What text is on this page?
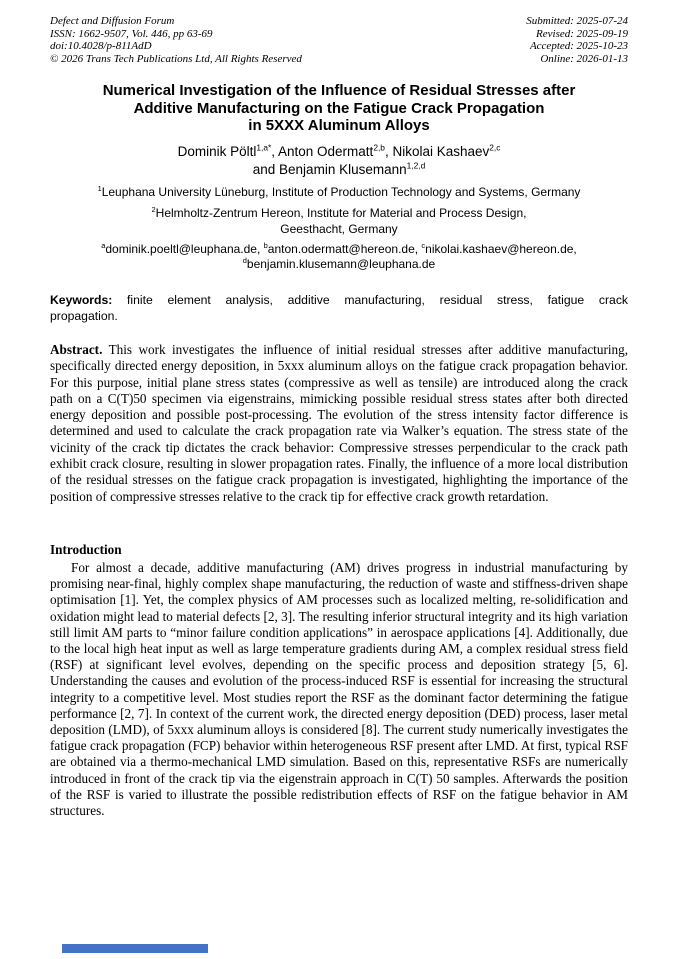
Defect and Diffusion Forum
ISSN: 1662-9507, Vol. 446, pp 63-69
doi:10.4028/p-811AdD
© 2026 Trans Tech Publications Ltd, All Rights Reserved
Submitted: 2025-07-24
Revised: 2025-09-19
Accepted: 2025-10-23
Online: 2026-01-13
Numerical Investigation of the Influence of Residual Stresses after
Additive Manufacturing on the Fatigue Crack Propagation
in 5XXX Aluminum Alloys
Dominik Pöltl$^{1,a*}$, Anton Odermatt$^{2,b}$, Nikolai Kashaev$^{2,c}$
and Benjamin Klusemann$^{1,2,d}$
$^1$Leuphana University Lüneburg, Institute of Production Technology and Systems, Germany
$^2$Helmholtz-Zentrum Hereon, Institute for Material and Process Design,
Geesthacht, Germany
$^a$dominik.poeltl@leuphana.de, $^b$anton.odermatt@hereon.de, $^c$nikolai.kashaev@hereon.de,
$^d$benjamin.klusemann@leuphana.de
Keywords: finite element analysis, additive manufacturing, residual stress, fatigue crack
propagation.
Abstract. This work investigates the influence of initial residual stresses after additive manufacturing, specifically directed energy deposition, in 5xxx aluminum alloys on the fatigue crack propagation behavior. For this purpose, initial plane stress states (compressive as well as tensile) are introduced along the crack path on a C(T)50 specimen via eigenstrains, mimicking possible residual stress states after both directed energy deposition and possible post-processing. The evolution of the stress intensity factor difference is determined and used to calculate the crack propagation rate via Walker’s equation. The stress state of the vicinity of the crack tip dictates the crack behavior: Compressive stresses perpendicular to the crack path exhibit crack closure, resulting in slower propagation rates. Finally, the influence of a more local distribution of the residual stresses on the fatigue crack propagation is investigated, highlighting the importance of the position of compressive stresses relative to the crack tip for effective crack growth retardation.
Introduction
For almost a decade, additive manufacturing (AM) drives progress in industrial manufacturing by promising near-final, highly complex shape manufacturing, the reduction of waste and stiffness-driven shape optimisation [1]. Yet, the complex physics of AM processes such as localized melting, re-solidification and oxidation might lead to material defects [2, 3]. The resulting inferior structural integrity and its high variation still limit AM parts to “minor failure condition applications” in aerospace applications [4]. Additionally, due to the local high heat input as well as large temperature gradients during AM, a complex residual stress field (RSF) at significant level evolves, depending on the specific process and deposition strategy [5, 6]. Understanding the causes and evolution of the process-induced RSF is essential for increasing the structural integrity to a competitive level. Most studies report the RSF as the dominant factor determining the fatigue performance [2, 7]. In context of the current work, the directed energy deposition (DED) process, laser metal deposition (LMD), of 5xxx aluminum alloys is considered [8]. The current study numerically investigates the fatigue crack propagation (FCP) behavior within heterogeneous RSF present after LMD. At first, typical RSF are obtained via a thermo-mechanical LMD simulation. Based on this, representative RSFs are numerically introduced in front of the crack tip via the eigenstrain approach in C(T) 50 samples. Afterwards the position of the RSF is varied to illustrate the possible redistribution effects of RSF on the fatigue behavior in AM structures.
